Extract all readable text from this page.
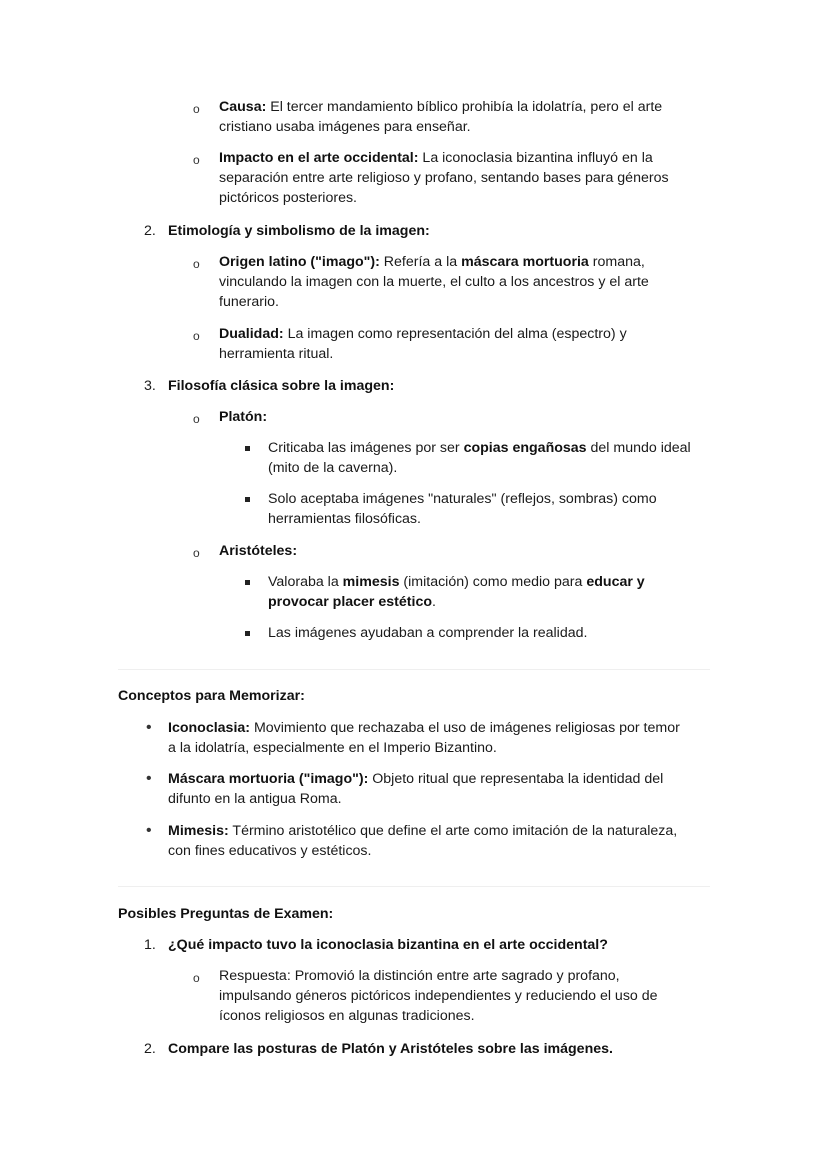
o Causa: El tercer mandamiento bíblico prohibía la idolatría, pero el arte
cristiano usaba imágenes para enseñar.
o Impacto en el arte occidental: La iconoclasia bizantina influyó en la
separación entre arte religioso y profano, sentando bases para géneros
pictóricos posteriores.
2. Etimología y simbolismo de la imagen:
o Origen latino ("imago"): Refería a la máscara mortuoria romana,
vinculando la imagen con la muerte, el culto a los ancestros y el arte
funerario.
o Dualidad: La imagen como representación del alma (espectro) y
herramienta ritual.
3. Filosofía clásica sobre la imagen:
o Platón:
Criticaba las imágenes por ser copias engañosas del mundo ideal
(mito de la caverna).
Solo aceptaba imágenes "naturales" (reflejos, sombras) como
herramientas filosóficas.
o Aristóteles:
Valoraba la mimesis (imitación) como medio para educar y
provocar placer estético.
Las imágenes ayudaban a comprender la realidad.
Conceptos para Memorizar:
• Iconoclasia: Movimiento que rechazaba el uso de imágenes religiosas por temor
a la idolatría, especialmente en el Imperio Bizantino.
• Máscara mortuoria ("imago"): Objeto ritual que representaba la identidad del
difunto en la antigua Roma.
• Mimesis: Término aristotélico que define el arte como imitación de la naturaleza,
con fines educativos y estéticos.
Posibles Preguntas de Examen:
1. ¿Qué impacto tuvo la iconoclasia bizantina en el arte occidental?
o Respuesta: Promovió la distinción entre arte sagrado y profano,
impulsando géneros pictóricos independientes y reduciendo el uso de
íconos religiosos en algunas tradiciones.
2. Compare las posturas de Platón y Aristóteles sobre las imágenes.
